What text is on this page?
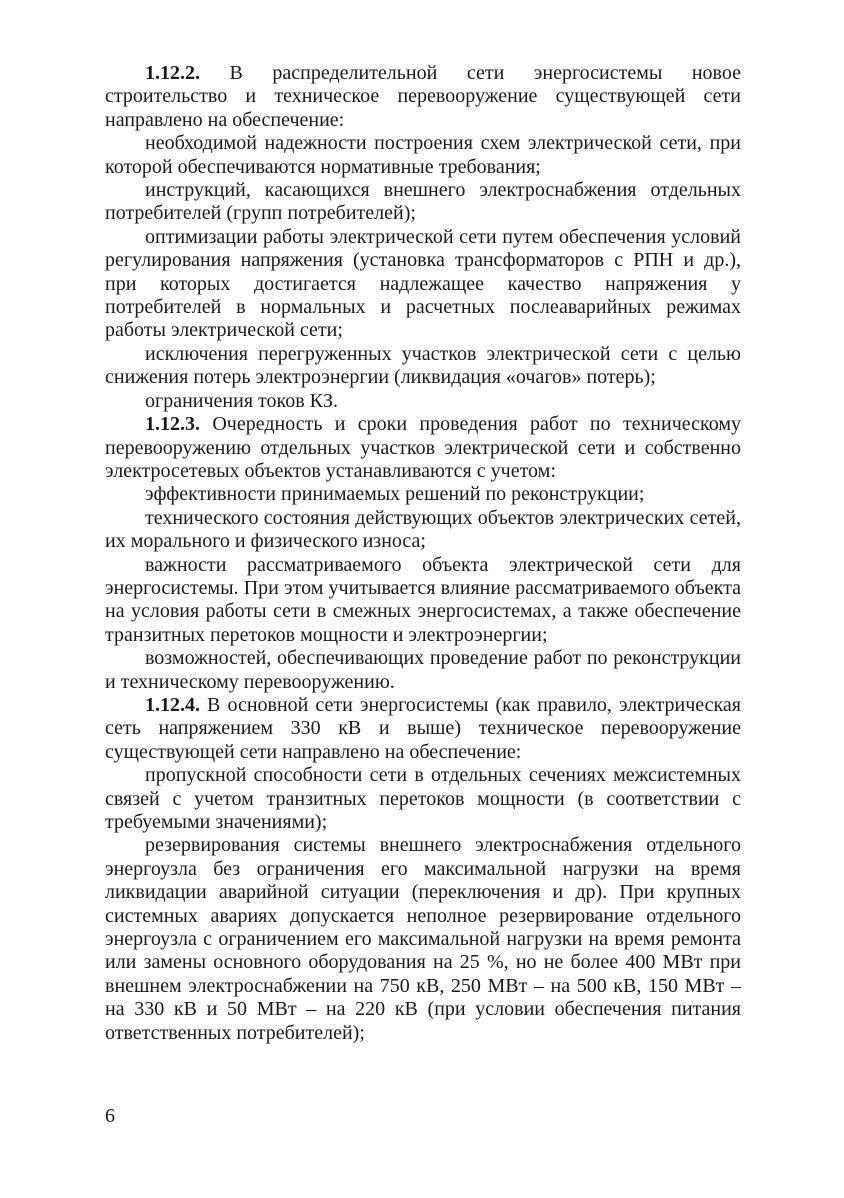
1.12.2. В распределительной сети энергосистемы новое строительство и техническое перевооружение существующей сети направлено на обеспечение:

необходимой надежности построения схем электрической сети, при которой обеспечиваются нормативные требования;

инструкций, касающихся внешнего электроснабжения отдельных потребителей (групп потребителей);

оптимизации работы электрической сети путем обеспечения условий регулирования напряжения (установка трансформаторов с РПН и др.), при которых достигается надлежащее качество напряжения у потребителей в нормальных и расчетных послеаварийных режимах работы электрической сети;

исключения перегруженных участков электрической сети с целью снижения потерь электроэнергии (ликвидация «очагов» потерь);

ограничения токов КЗ.

1.12.3. Очередность и сроки проведения работ по техническому перевооружению отдельных участков электрической сети и собственно электросетевых объектов устанавливаются с учетом:

эффективности принимаемых решений по реконструкции;

технического состояния действующих объектов электрических сетей, их морального и физического износа;

важности рассматриваемого объекта электрической сети для энергосистемы. При этом учитывается влияние рассматриваемого объекта на условия работы сети в смежных энергосистемах, а также обеспечение транзитных перетоков мощности и электроэнергии;

возможностей, обеспечивающих проведение работ по реконструкции и техническому перевооружению.

1.12.4. В основной сети энергосистемы (как правило, электрическая сеть напряжением 330 кВ и выше) техническое перевооружение существующей сети направлено на обеспечение:

пропускной способности сети в отдельных сечениях межсистемных связей с учетом транзитных перетоков мощности (в соответствии с требуемыми значениями);

резервирования системы внешнего электроснабжения отдельного энергоузла без ограничения его максимальной нагрузки на время ликвидации аварийной ситуации (переключения и др). При крупных системных авариях допускается неполное резервирование отдельного энергоузла с ограничением его максимальной нагрузки на время ремонта или замены основного оборудования на 25 %, но не более 400 МВт при внешнем электроснабжении на 750 кВ, 250 МВт – на 500 кВ, 150 МВт – на 330 кВ и 50 МВт – на 220 кВ (при условии обеспечения питания ответственных потребителей);

6
